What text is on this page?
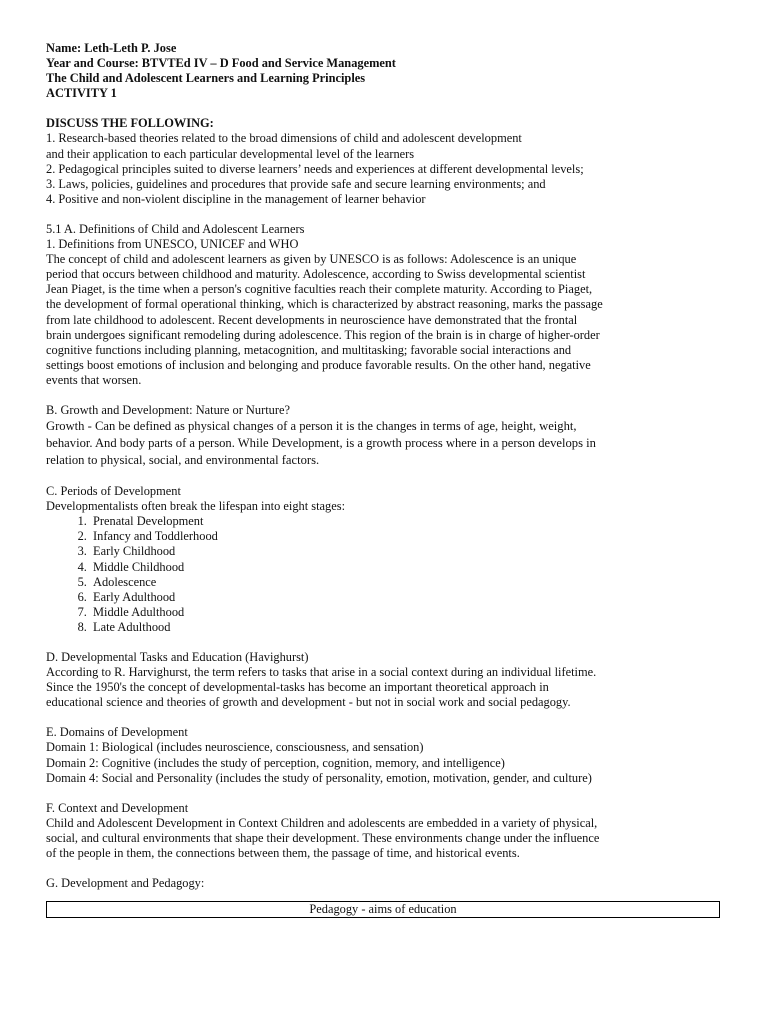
Name: Leth-Leth P. Jose

Year and Course: BTVTEd IV – D Food and Service Management

The Child and Adolescent Learners and Learning Principles

ACTIVITY 1

DISCUSS THE FOLLOWING:

1. Research-based theories related to the broad dimensions of child and adolescent development

and their application to each particular developmental level of the learners

2. Pedagogical principles suited to diverse learners’ needs and experiences at different developmental levels;

3. Laws, policies, guidelines and procedures that provide safe and secure learning environments; and

4. Positive and non-violent discipline in the management of learner behavior

5.1 A. Definitions of Child and Adolescent Learners

1. Definitions from UNESCO, UNICEF and WHO

The concept of child and adolescent learners as given by UNESCO is as follows: Adolescence is an unique

period that occurs between childhood and maturity. Adolescence, according to Swiss developmental scientist

Jean Piaget, is the time when a person's cognitive faculties reach their complete maturity. According to Piaget,

the development of formal operational thinking, which is characterized by abstract reasoning, marks the passage

from late childhood to adolescent. Recent developments in neuroscience have demonstrated that the frontal

brain undergoes significant remodeling during adolescence. This region of the brain is in charge of higher-order

cognitive functions including planning, metacognition, and multitasking; favorable social interactions and

settings boost emotions of inclusion and belonging and produce favorable results. On the other hand, negative

events that worsen.

B. Growth and Development: Nature or Nurture?

Growth - Can be defined as physical changes of a person it is the changes in terms of age, height, weight,

behavior. And body parts of a person. While Development, is a growth process where in a person develops in

relation to physical, social, and environmental factors.

C. Periods of Development

Developmentalists often break the lifespan into eight stages:

1. Prenatal Development
2. Infancy and Toddlerhood
3. Early Childhood
4. Middle Childhood
5. Adolescence
6. Early Adulthood
7. Middle Adulthood
8. Late Adulthood

D. Developmental Tasks and Education (Havighurst)

According to R. Harvighurst, the term refers to tasks that arise in a social context during an individual lifetime.

Since the 1950's the concept of developmental-tasks has become an important theoretical approach in

educational science and theories of growth and development - but not in social work and social pedagogy.

E. Domains of Development

Domain 1: Biological (includes neuroscience, consciousness, and sensation)

Domain 2: Cognitive (includes the study of perception, cognition, memory, and intelligence)

Domain 4: Social and Personality (includes the study of personality, emotion, motivation, gender, and culture)

F. Context and Development

Child and Adolescent Development in Context Children and adolescents are embedded in a variety of physical,

social, and cultural environments that shape their development. These environments change under the influence

of the people in them, the connections between them, the passage of time, and historical events.

G. Development and Pedagogy:

Pedagogy - aims of education
